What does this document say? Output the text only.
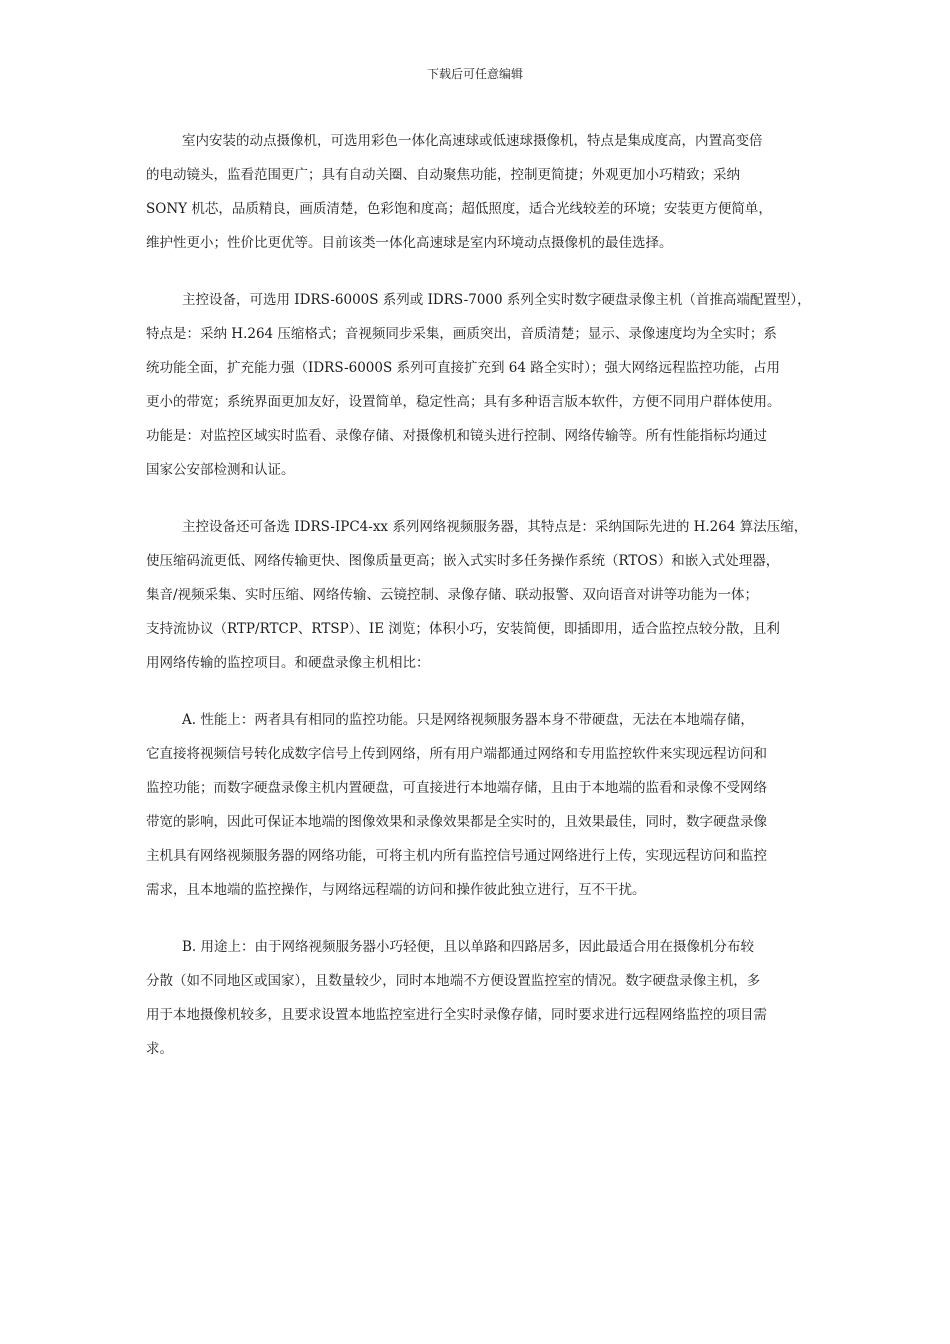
下载后可任意编辑
室内安装的动点摄像机，可选用彩色一体化高速球或低速球摄像机，特点是集成度高，内置高变倍
的电动镜头，监看范围更广；具有自动关圈、自动聚焦功能，控制更简捷；外观更加小巧精致；采纳
SONY 机芯，品质精良，画质清楚，色彩饱和度高；超低照度，适合光线较差的环境；安装更方便简单，
维护性更小；性价比更优等。目前该类一体化高速球是室内环境动点摄像机的最佳选择。
主控设备，可选用 IDRS-6000S 系列或 IDRS-7000 系列全实时数字硬盘录像主机（首推高端配置型），
特点是：采纳 H.264 压缩格式；音视频同步采集，画质突出，音质清楚；显示、录像速度均为全实时；系
统功能全面，扩充能力强（IDRS-6000S 系列可直接扩充到 64 路全实时）；强大网络远程监控功能，占用
更小的带宽；系统界面更加友好，设置简单，稳定性高；具有多种语言版本软件，方便不同用户群体使用。
功能是：对监控区域实时监看、录像存储、对摄像机和镜头进行控制、网络传输等。所有性能指标均通过
国家公安部检测和认证。
主控设备还可备选 IDRS-IPC4-xx 系列网络视频服务器，其特点是：采纳国际先进的 H.264 算法压缩，
使压缩码流更低、网络传输更快、图像质量更高；嵌入式实时多任务操作系统（RTOS）和嵌入式处理器，
集音/视频采集、实时压缩、网络传输、云镜控制、录像存储、联动报警、双向语音对讲等功能为一体；
支持流协议（RTP/RTCP、RTSP）、IE 浏览；体积小巧，安装简便，即插即用，适合监控点较分散，且利
用网络传输的监控项目。和硬盘录像主机相比：
A. 性能上：两者具有相同的监控功能。只是网络视频服务器本身不带硬盘，无法在本地端存储，
它直接将视频信号转化成数字信号上传到网络，所有用户端都通过网络和专用监控软件来实现远程访问和
监控功能；而数字硬盘录像主机内置硬盘，可直接进行本地端存储，且由于本地端的监看和录像不受网络
带宽的影响，因此可保证本地端的图像效果和录像效果都是全实时的，且效果最佳，同时，数字硬盘录像
主机具有网络视频服务器的网络功能，可将主机内所有监控信号通过网络进行上传，实现远程访问和监控
需求，且本地端的监控操作，与网络远程端的访问和操作彼此独立进行，互不干扰。
B. 用途上：由于网络视频服务器小巧轻便，且以单路和四路居多，因此最适合用在摄像机分布较
分散（如不同地区或国家），且数量较少，同时本地端不方便设置监控室的情况。数字硬盘录像主机，多
用于本地摄像机较多，且要求设置本地监控室进行全实时录像存储，同时要求进行远程网络监控的项目需
求。
